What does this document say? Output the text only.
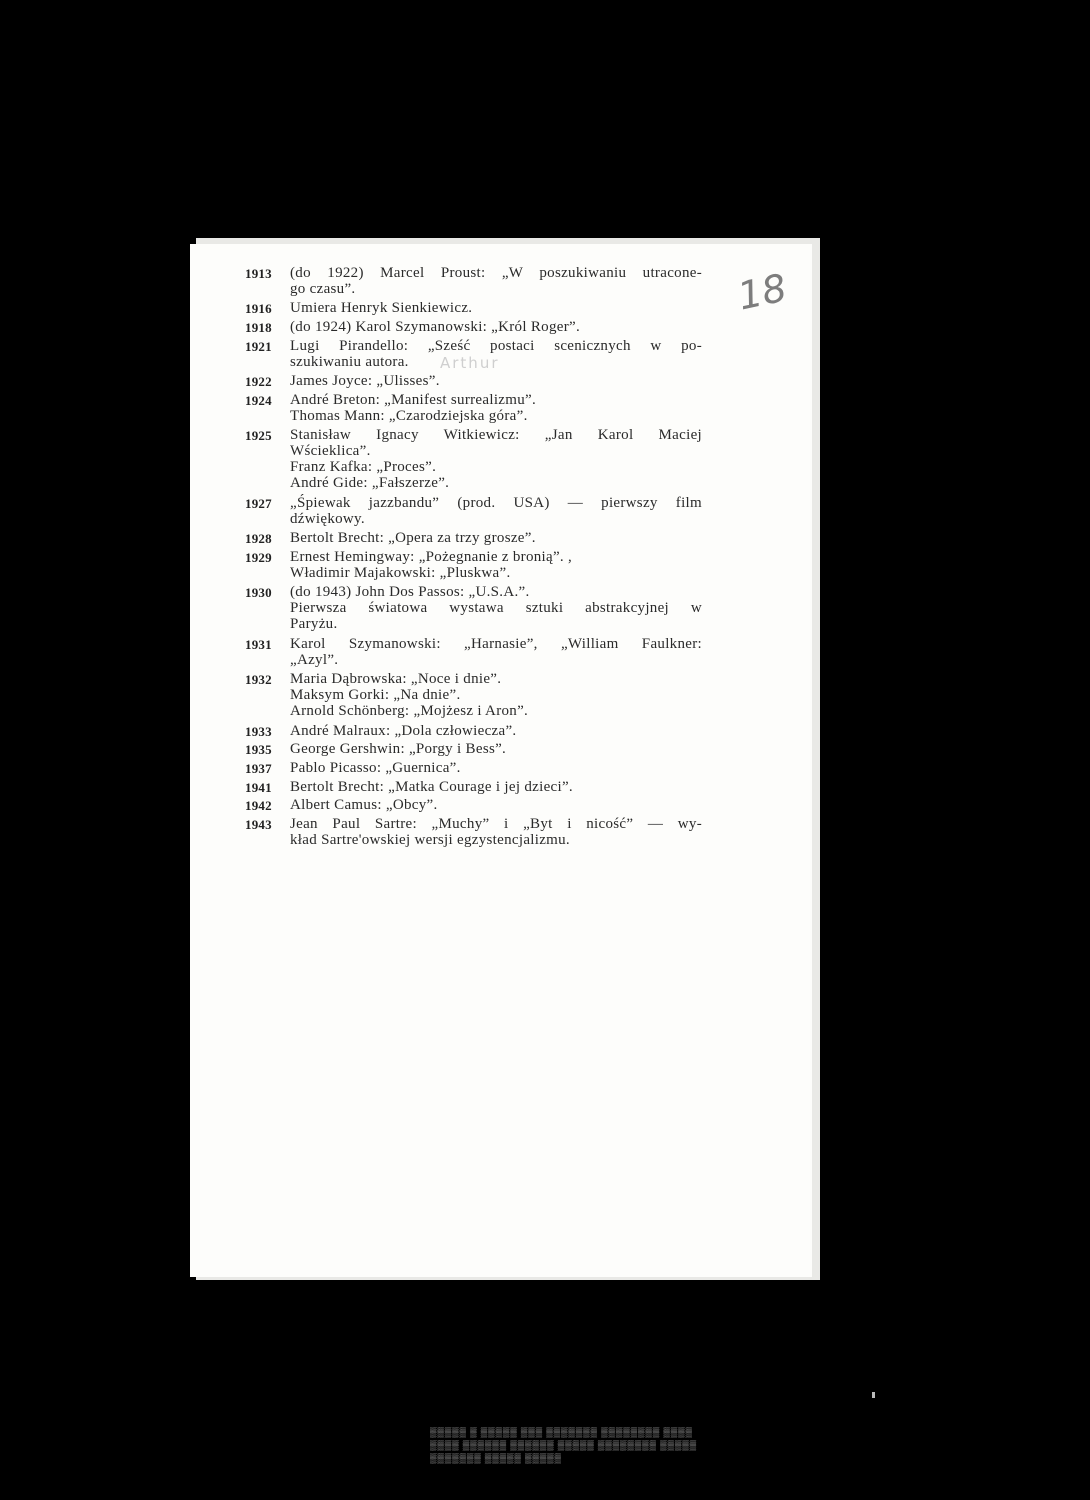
1913 (do 1922) Marcel Proust: „W poszukiwaniu utracone-
go czasu”.
1916 Umiera Henryk Sienkiewicz.
1918 (do 1924) Karol Szymanowski: „Król Roger”.
1921 Lugi Pirandello: „Sześć postaci scenicznych w po-
szukiwaniu autora.
1922 James Joyce: „Ulisses”.
1924 André Breton: „Manifest surrealizmu”.
Thomas Mann: „Czarodziejska góra”.
1925 Stanisław Ignacy Witkiewicz: „Jan Karol Maciej
Wścieklica”.
Franz Kafka: „Proces”.
André Gide: „Fałszerze”.
1927 „Śpiewak jazzbandu” (prod. USA) — pierwszy film
dźwiękowy.
1928 Bertolt Brecht: „Opera za trzy grosze”.
1929 Ernest Hemingway: „Pożegnanie z bronią”. ,
Władimir Majakowski: „Pluskwa”.
1930 (do 1943) John Dos Passos: „U.S.A.”.
Pierwsza światowa wystawa sztuki abstrakcyjnej w
Paryżu.
1931 Karol Szymanowski: „Harnasie”, „William Faulkner:
„Azyl”.
1932 Maria Dąbrowska: „Noce i dnie”.
Maksym Gorki: „Na dnie”.
Arnold Schönberg: „Mojżesz i Aron”.
1933 André Malraux: „Dola człowiecza”.
1935 George Gershwin: „Porgy i Bess”.
1937 Pablo Picasso: „Guernica”.
1941 Bertolt Brecht: „Matka Courage i jej dzieci”.
1942 Albert Camus: „Obcy”.
1943 Jean Paul Sartre: „Muchy” i „Byt i nicość” — wy-
kład Sartre'owskiej wersji egzystencjalizmu.
▒▒▒▒▒ ▒ ▒▒▒▒▒ ▒▒▒ ▒▒▒▒▒▒▒ ▒▒▒▒▒▒▒▒ ▒▒▒▒
▒▒▒▒ ▒▒▒▒▒▒ ▒▒▒▒▒▒ ▒▒▒▒▒ ▒▒▒▒▒▒▒▒ ▒▒▒▒▒
▒▒▒▒▒▒▒ ▒▒▒▒▒ ▒▒▒▒▒
18
Arthur
